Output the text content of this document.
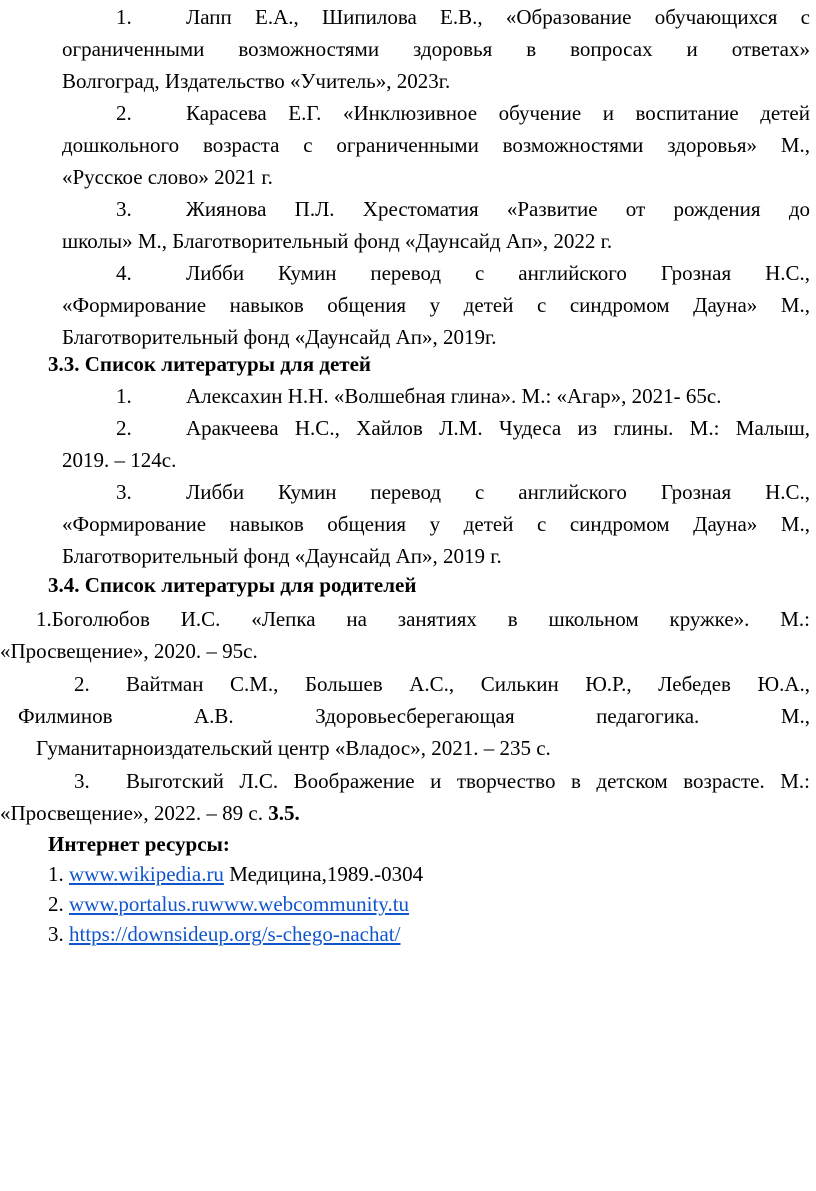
1.	Лапп Е.А., Шипилова Е.В., «Образование обучающихся с
ограниченными возможностями здоровья в вопросах и ответах»
Волгоград, Издательство «Учитель», 2023г.
2.	Карасева Е.Г. «Инклюзивное обучение и воспитание детей
дошкольного возраста с ограниченными возможностями здоровья» М.,
«Русское слово» 2021 г.
3.	Жиянова П.Л. Хрестоматия «Развитие от рождения до
школы» М., Благотворительный фонд «Даунсайд Ап», 2022 г.
4.	Либби Кумин перевод с английского Грозная Н.С.,
«Формирование навыков общения у детей с синдромом Дауна» М.,
Благотворительный фонд «Даунсайд Ап», 2019г.
3.3. Список литературы для детей
1.	Алексахин Н.Н. «Волшебная глина». М.: «Агар», 2021- 65с.
2.	Аракчеева Н.С., Хайлов Л.М. Чудеса из глины. М.: Малыш,
2019. – 124с.
3.	Либби Кумин перевод с английского Грозная Н.С.,
«Формирование навыков общения у детей с синдромом Дауна» М.,
Благотворительный фонд «Даунсайд Ап», 2019 г.
3.4. Список литературы для родителей
1.Боголюбов И.С. «Лепка на занятиях в школьном кружке». М.:
«Просвещение», 2020. – 95с.
2. Вайтман С.М., Большев А.С., Силькин Ю.Р., Лебедев Ю.А.,
Филминов А.В. Здоровьесберегающая педагогика. М.,
Гуманитарноиздательский центр «Владос», 2021. – 235 с.
3. Выготский Л.С. Воображение и творчество в детском возрасте. М.:
«Просвещение», 2022. – 89 с. 3.5.
Интернет ресурсы:
1. www.wikipedia.ru Медицина,1989.-0304
2. www.portalus.ruwww.webcommunity.tu
3. https://downsideup.org/s-chego-nachat/
